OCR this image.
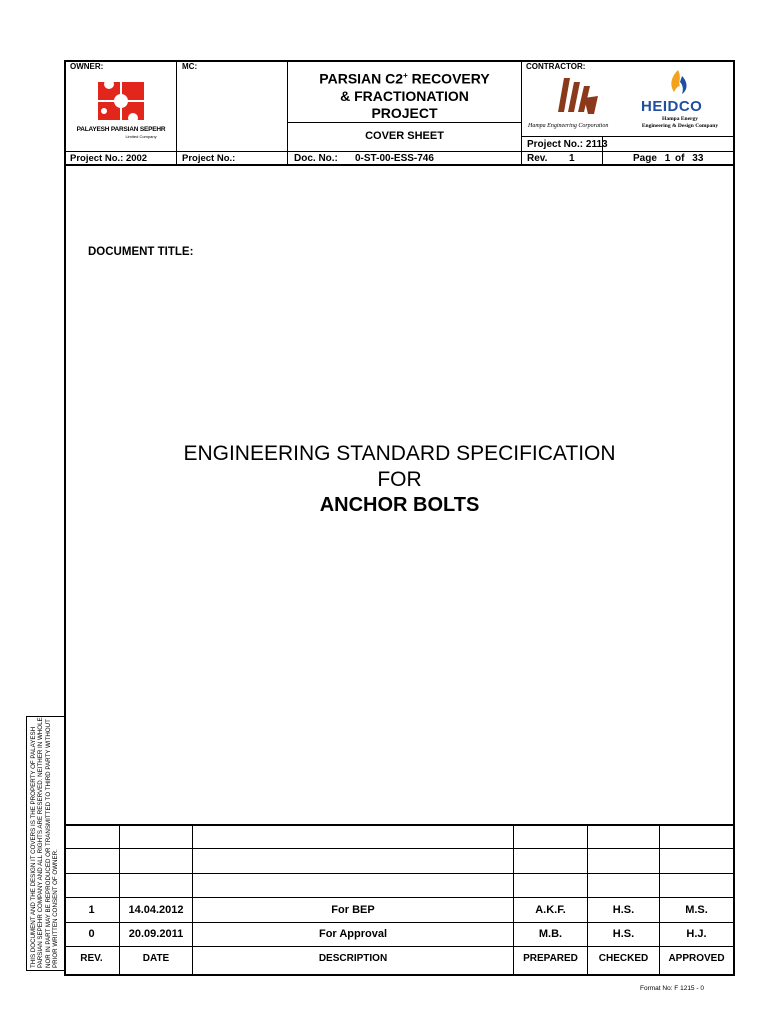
OWNER:
PALAYESH PARSIAN SEPEHR
Limited Company
MC:
PARSIAN C2+ RECOVERY
& FRACTIONATION
PROJECT
COVER SHEET
CONTRACTOR:
Hampa Engineering Corporation
HEIDCO
Hampa Energy
Engineering & Design Company
Project No.: 2113
Project No.: 2002	Project No.:	Doc. No.: 0-ST-00-ESS-746	Rev. 1	Page 1 of 33
DOCUMENT TITLE:
ENGINEERING STANDARD SPECIFICATION
FOR
ANCHOR BOLTS
THIS DOCUMENT AND THE DESIGN IT COVERS IS THE PROPERTY OF PALAYESH PARSIAN SEPEHR COMPANY AND ALL RIGHTS ARE RESERVED. NEITHER IN WHOLE NOR IN PART MAY BE REPRODUCED OR TRANSMITTED TO THIRD PARTY WITHOUT PRIOR WRITTEN CONSENT OF OWNER.	1	14.04.2012	For BEP	A.K.F.	H.S.	M.S.
0	20.09.2011	For Approval	M.B.	H.S.	H.J.
REV.	DATE	DESCRIPTION	PREPARED	CHECKED	APPROVED
Format No: F 1215 - 0
